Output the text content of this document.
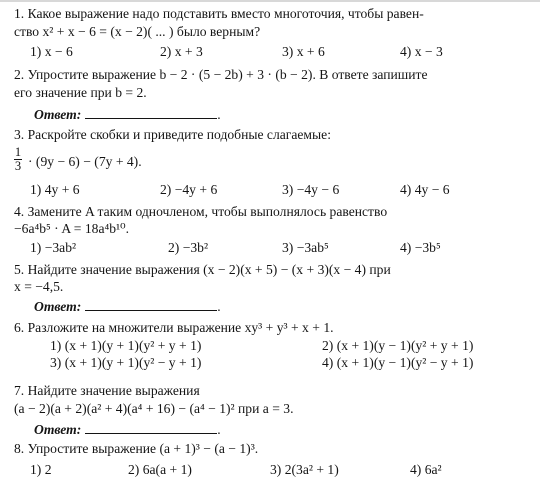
1. Какое выражение надо подставить вместо многоточия, чтобы равен-
ство x² + x − 6 = (x − 2)( ... ) было верным?
1) x − 6	2) x + 3	3) x + 6	4) x − 3
2. Упростите выражение b − 2 · (5 − 2b) + 3 · (b − 2). В ответе запишите
его значение при b = 2.
Ответ:	.
3. Раскройте скобки и приведите подобные слагаемые:
1
3 · (9y − 6) − (7y + 4).
1) 4y + 6	2) −4y + 6	3) −4y − 6	4) 4y − 6
4. Замените A таким одночленом, чтобы выполнялось равенство
−6a⁴b⁵ · A = 18a⁴b¹⁰.
1) −3ab²	2) −3b²	3) −3ab⁵	4) −3b⁵
5. Найдите значение выражения (x − 2)(x + 5) − (x + 3)(x − 4) при
x = −4,5.
Ответ:	.
6. Разложите на множители выражение xy³ + y³ + x + 1.
1) (x + 1)(y + 1)(y² + y + 1)	2) (x + 1)(y − 1)(y² + y + 1)
3) (x + 1)(y + 1)(y² − y + 1)	4) (x + 1)(y − 1)(y² − y + 1)
7. Найдите значение выражения
(a − 2)(a + 2)(a² + 4)(a⁴ + 16) − (a⁴ − 1)² при a = 3.
Ответ:	.
8. Упростите выражение (a + 1)³ − (a − 1)³.
1) 2	2) 6a(a + 1)	3) 2(3a² + 1)	4) 6a²
